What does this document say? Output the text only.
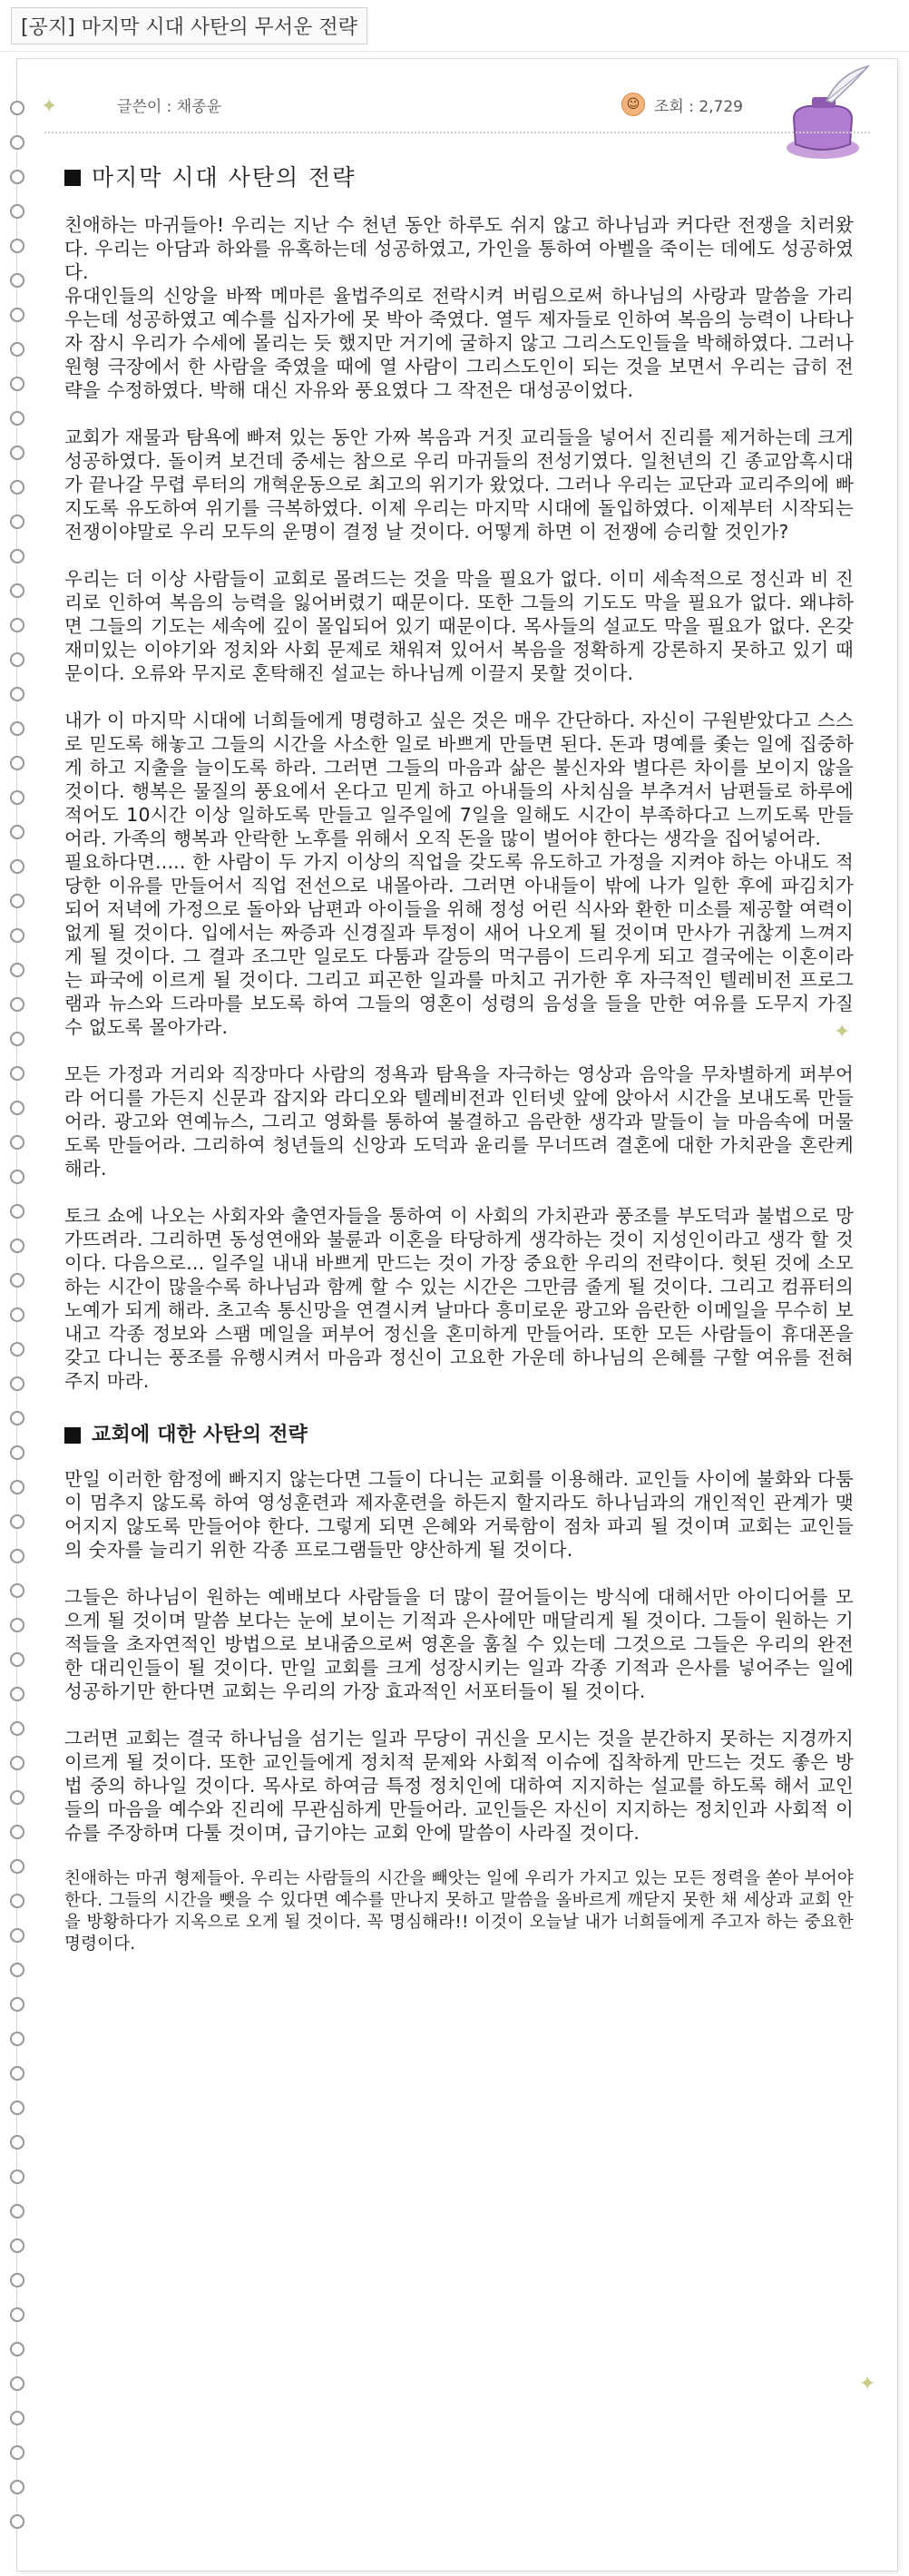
[공지] 마지막 시대 사탄의 무서운 전략
✦
✦
✦
글쓴이 : 채종윤	☺ 조회 : 2,729
마지막 시대 사탄의 전략

친애하는 마귀들아! 우리는 지난 수 천년 동안 하루도 쉬지 않고 하나님과 커다란 전쟁을 치러왔다. 우리는 아담과 하와를 유혹하는데 성공하였고, 가인을 통하여 아벨을 죽이는 데에도 성공하였다.
유대인들의 신앙을 바짝 메마른 율법주의로 전락시켜 버림으로써 하나님의 사랑과 말씀을 가리 우는데 성공하였고 예수를 십자가에 못 박아 죽였다. 열두 제자들로 인하여 복음의 능력이 나타나자 잠시 우리가 수세에 몰리는 듯 했지만 거기에 굴하지 않고 그리스도인들을 박해하였다. 그러나 원형 극장에서 한 사람을 죽였을 때에 열 사람이 그리스도인이 되는 것을 보면서 우리는 급히 전략을 수정하였다. 박해 대신 자유와 풍요였다 그 작전은 대성공이었다.

교회가 재물과 탐욕에 빠져 있는 동안 가짜 복음과 거짓 교리들을 넣어서 진리를 제거하는데 크게 성공하였다. 돌이켜 보건데 중세는 참으로 우리 마귀들의 전성기였다. 일천년의 긴 종교암흑시대가 끝나갈 무렵 루터의 개혁운동으로 최고의 위기가 왔었다. 그러나 우리는 교단과 교리주의에 빠지도록 유도하여 위기를 극복하였다. 이제 우리는 마지막 시대에 돌입하였다. 이제부터 시작되는 전쟁이야말로 우리 모두의 운명이 결정 날 것이다. 어떻게 하면 이 전쟁에 승리할 것인가?

우리는 더 이상 사람들이 교회로 몰려드는 것을 막을 필요가 없다. 이미 세속적으로 정신과 비 진리로 인하여 복음의 능력을 잃어버렸기 때문이다. 또한 그들의 기도도 막을 필요가 없다. 왜냐하면 그들의 기도는 세속에 깊이 몰입되어 있기 때문이다. 목사들의 설교도 막을 필요가 없다. 온갖 재미있는 이야기와 정치와 사회 문제로 채워져 있어서 복음을 정확하게 강론하지 못하고 있기 때문이다. 오류와 무지로 혼탁해진 설교는 하나님께 이끌지 못할 것이다.

내가 이 마지막 시대에 너희들에게 명령하고 싶은 것은 매우 간단하다. 자신이 구원받았다고 스스로 믿도록 해놓고 그들의 시간을 사소한 일로 바쁘게 만들면 된다. 돈과 명예를 좇는 일에 집중하게 하고 지출을 늘이도록 하라. 그러면 그들의 마음과 삶은 불신자와 별다른 차이를 보이지 않을 것이다. 행복은 물질의 풍요에서 온다고 믿게 하고 아내들의 사치심을 부추겨서 남편들로 하루에 적어도 10시간 이상 일하도록 만들고 일주일에 7일을 일해도 시간이 부족하다고 느끼도록 만들어라. 가족의 행복과 안락한 노후를 위해서 오직 돈을 많이 벌어야 한다는 생각을 집어넣어라.
필요하다면..... 한 사람이 두 가지 이상의 직업을 갖도록 유도하고 가정을 지켜야 하는 아내도 적당한 이유를 만들어서 직업 전선으로 내몰아라. 그러면 아내들이 밖에 나가 일한 후에 파김치가 되어 저녁에 가정으로 돌아와 남편과 아이들을 위해 정성 어린 식사와 환한 미소를 제공할 여력이 없게 될 것이다. 입에서는 짜증과 신경질과 투정이 새어 나오게 될 것이며 만사가 귀찮게 느껴지게 될 것이다. 그 결과 조그만 일로도 다툼과 갈등의 먹구름이 드리우게 되고 결국에는 이혼이라는 파국에 이르게 될 것이다. 그리고 피곤한 일과를 마치고 귀가한 후 자극적인 텔레비전 프로그램과 뉴스와 드라마를 보도록 하여 그들의 영혼이 성령의 음성을 들을 만한 여유를 도무지 가질 수 없도록 몰아가라.

모든 가정과 거리와 직장마다 사람의 정욕과 탐욕을 자극하는 영상과 음악을 무차별하게 퍼부어라 어디를 가든지 신문과 잡지와 라디오와 텔레비전과 인터넷 앞에 앉아서 시간을 보내도록 만들어라. 광고와 연예뉴스, 그리고 영화를 통하여 불결하고 음란한 생각과 말들이 늘 마음속에 머물도록 만들어라. 그리하여 청년들의 신앙과 도덕과 윤리를 무너뜨려 결혼에 대한 가치관을 혼란케 해라.

토크 쇼에 나오는 사회자와 출연자들을 통하여 이 사회의 가치관과 풍조를 부도덕과 불법으로 망가뜨려라. 그리하면 동성연애와 불륜과 이혼을 타당하게 생각하는 것이 지성인이라고 생각 할 것이다. 다음으로... 일주일 내내 바쁘게 만드는 것이 가장 중요한 우리의 전략이다. 헛된 것에 소모하는 시간이 많을수록 하나님과 함께 할 수 있는 시간은 그만큼 줄게 될 것이다. 그리고 컴퓨터의 노예가 되게 해라. 초고속 통신망을 연결시켜 날마다 흥미로운 광고와 음란한 이메일을 무수히 보내고 각종 정보와 스팸 메일을 퍼부어 정신을 혼미하게 만들어라. 또한 모든 사람들이 휴대폰을 갖고 다니는 풍조를 유행시켜서 마음과 정신이 고요한 가운데 하나님의 은혜를 구할 여유를 전혀 주지 마라.

교회에 대한 사탄의 전략

만일 이러한 함정에 빠지지 않는다면 그들이 다니는 교회를 이용해라. 교인들 사이에 불화와 다툼이 멈추지 않도록 하여 영성훈련과 제자훈련을 하든지 할지라도 하나님과의 개인적인 관계가 맺어지지 않도록 만들어야 한다. 그렇게 되면 은혜와 거룩함이 점차 파괴 될 것이며 교회는 교인들의 숫자를 늘리기 위한 각종 프로그램들만 양산하게 될 것이다.

그들은 하나님이 원하는 예배보다 사람들을 더 많이 끌어들이는 방식에 대해서만 아이디어를 모으게 될 것이며 말씀 보다는 눈에 보이는 기적과 은사에만 매달리게 될 것이다. 그들이 원하는 기적들을 초자연적인 방법으로 보내줌으로써 영혼을 훔칠 수 있는데 그것으로 그들은 우리의 완전한 대리인들이 될 것이다. 만일 교회를 크게 성장시키는 일과 각종 기적과 은사를 넣어주는 일에 성공하기만 한다면 교회는 우리의 가장 효과적인 서포터들이 될 것이다.

그러면 교회는 결국 하나님을 섬기는 일과 무당이 귀신을 모시는 것을 분간하지 못하는 지경까지 이르게 될 것이다. 또한 교인들에게 정치적 문제와 사회적 이슈에 집착하게 만드는 것도 좋은 방법 중의 하나일 것이다. 목사로 하여금 특정 정치인에 대하여 지지하는 설교를 하도록 해서 교인들의 마음을 예수와 진리에 무관심하게 만들어라. 교인들은 자신이 지지하는 정치인과 사회적 이슈를 주장하며 다툴 것이며, 급기야는 교회 안에 말씀이 사라질 것이다.

친애하는 마귀 형제들아. 우리는 사람들의 시간을 빼앗는 일에 우리가 가지고 있는 모든 정력을 쏟아 부어야 한다. 그들의 시간을 뺏을 수 있다면 예수를 만나지 못하고 말씀을 올바르게 깨닫지 못한 채 세상과 교회 안을 방황하다가 지옥으로 오게 될 것이다. 꼭 명심해라!! 이것이 오늘날 내가 너희들에게 주고자 하는 중요한 명령이다.
